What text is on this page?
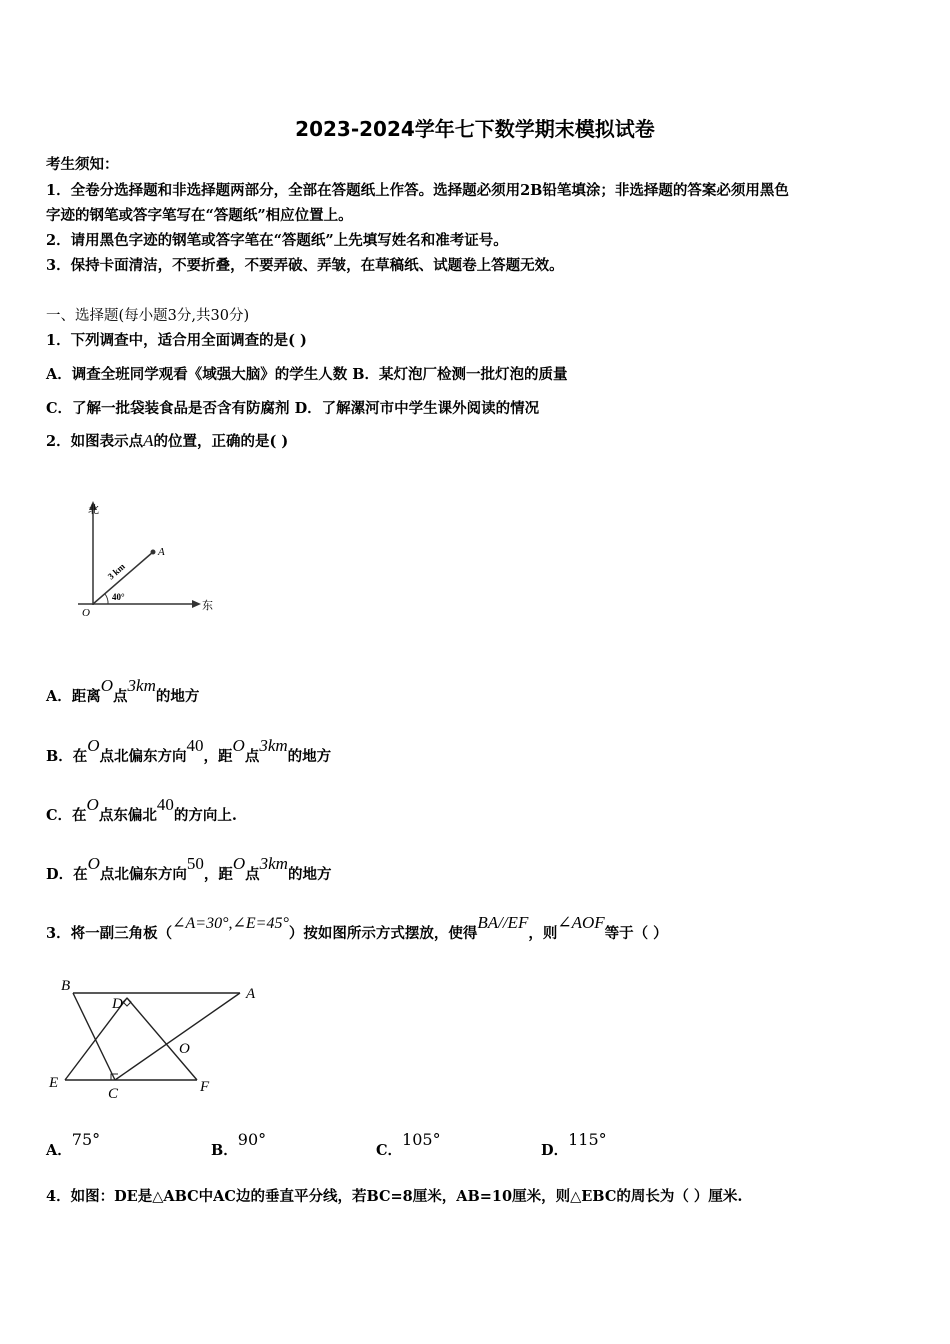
2023-2024学年七下数学期末模拟试卷
考生须知：
1．全卷分选择题和非选择题两部分，全部在答题纸上作答。选择题必须用2B铅笔填涂；非选择题的答案必须用黑色
字迹的钢笔或答字笔写在“答题纸”相应位置上。
2．请用黑色字迹的钢笔或答字笔在“答题纸”上先填写姓名和准考证号。
3．保持卡面清洁，不要折叠，不要弄破、弄皱，在草稿纸、试题卷上答题无效。
一、选择题(每小题3分,共30分)
1．下列调查中，适合用全面调查的是( )
A．调查全班同学观看《域强大脑》的学生人数 B．某灯泡厂检测一批灯泡的质量
C．了解一批袋装食品是否含有防腐剂 D．了解漯河市中学生课外阅读的情况
2．如图表示点A的位置，正确的是( )
北
东
O
A
3 km
40°
A．距离O点3km的地方
B．在O点北偏东方向40，距O点3km的地方
C．在O点东偏北40的方向上.
D．在O点北偏东方向50，距O点3km的地方
3．将一副三角板（∠A=30°,∠E=45°）按如图所示方式摆放，使得BA//EF，则∠AOF等于（ ）
B	A
D
O
E
C	F
A．75°
B．90°
C．105°
D．115°
4．如图：DE是△ABC中AC边的垂直平分线，若BC=8厘米，AB=10厘米，则△EBC的周长为（ ）厘米.
